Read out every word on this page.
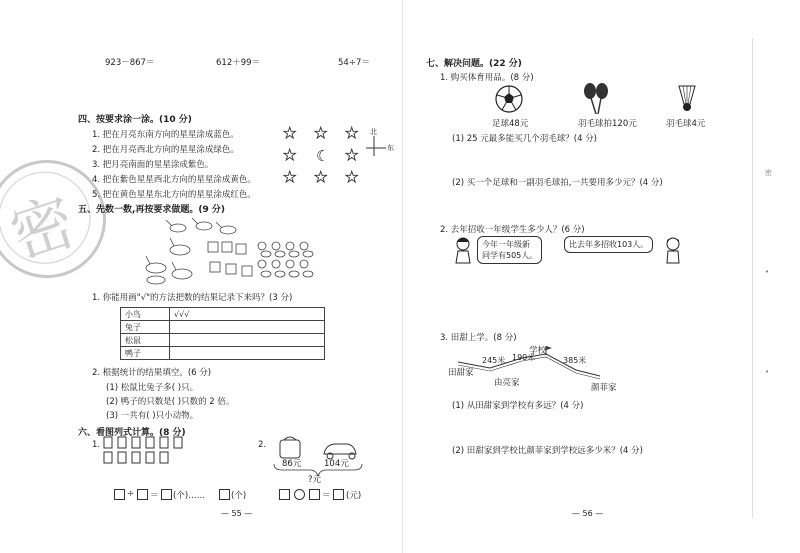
密
•
•
密
923－867＝	612＋99＝	54÷7＝
四、按要求涂一涂。(10 分)
1. 把在月亮东南方向的星星涂成蓝色。
2. 把在月亮西北方向的星星涂成绿色。
3. 把月亮南面的星星涂成紫色。
4. 把在紫色星星西北方向的星星涂成黄色。
5. 把在黄色星星东北方向的星星涂成红色。
★ ★ ★
★ ☾ ★
★ ★ ★
北
东
五、先数一数,再按要求做题。(9 分)
1. 你能用画"√"的方法把数的结果记录下来吗？(3 分)
小鸟	√√√
兔子	
松鼠	
鸭子	
2. 根据统计的结果填空。(6 分)
(1) 松鼠比兔子多( )只。
(2) 鸭子的只数是( )只数的 2 倍。
(3) 一共有( )只小动物。
六、看图列式计算。(8 分)
1.	2.
86元	104元
?元
÷ ＝ (个)……	(个)	＝ (元)
— 55 —
七、解决问题。(22 分)
1. 购买体育用品。(8 分)
足球48元	羽毛球拍120元	羽毛球4元
(1) 25 元最多能买几个羽毛球？(4 分)
(2) 买一个足球和一副羽毛球拍,一共要用多少元？(4 分)
2. 去年招收一年级学生多少人？(6 分)
今年一年级新
同学有505人。
比去年多招收103人。
3. 田甜上学。(8 分)
245米 190米	385米
田甜家
由亮家
学校
颜菲家
(1) 从田甜家到学校有多远？(4 分)
(2) 田甜家到学校比颜菲家到学校远多少米？(4 分)
— 56 —
